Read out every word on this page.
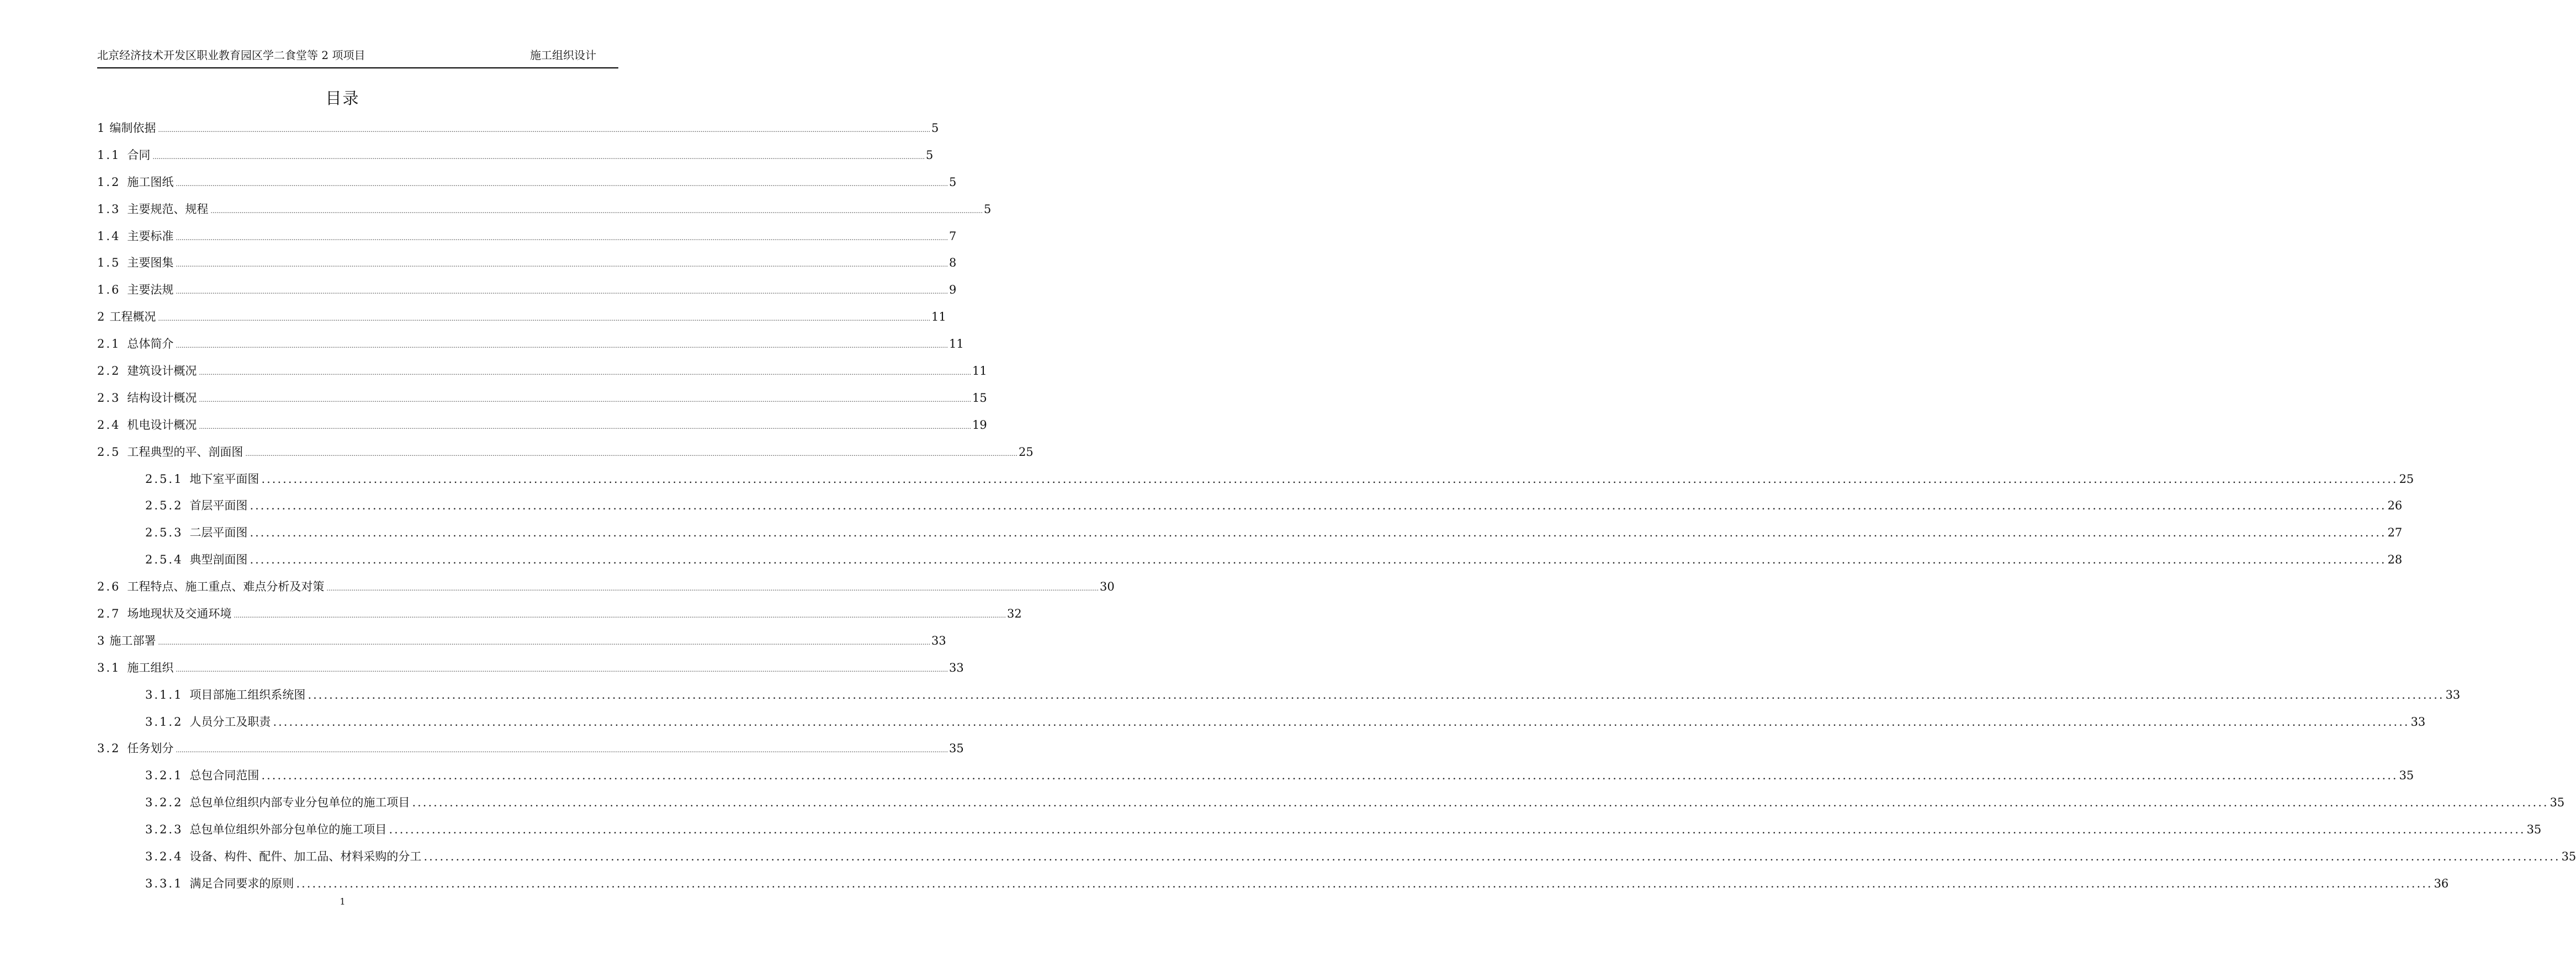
北京经济技术开发区职业教育园区学二食堂等 2 项项目	施工组织设计
目录
1 编制依据 ................................................................................................................................................................................................................................................................................................................................................................................................................ 5
1.1 合同 ................................................................................................................................................................................................................................................................................................................................................................................................................ 5
1.2 施工图纸 ................................................................................................................................................................................................................................................................................................................................................................................................................ 5
1.3 主要规范、规程 ................................................................................................................................................................................................................................................................................................................................................................................................................ 5
1.4 主要标准 ................................................................................................................................................................................................................................................................................................................................................................................................................ 7
1.5 主要图集 ................................................................................................................................................................................................................................................................................................................................................................................................................ 8
1.6 主要法规 ................................................................................................................................................................................................................................................................................................................................................................................................................ 9
2 工程概况 ................................................................................................................................................................................................................................................................................................................................................................................................................ 11
2.1 总体简介 ................................................................................................................................................................................................................................................................................................................................................................................................................ 11
2.2 建筑设计概况 ................................................................................................................................................................................................................................................................................................................................................................................................................ 11
2.3 结构设计概况 ................................................................................................................................................................................................................................................................................................................................................................................................................ 15
2.4 机电设计概况 ................................................................................................................................................................................................................................................................................................................................................................................................................ 19
2.5 工程典型的平、剖面图 ................................................................................................................................................................................................................................................................................................................................................................................................................ 25
2.5.1 地下室平面图 ................................................................................................................................................................................................................................................................................................................................................................................................................ 25
2.5.2 首层平面图 ................................................................................................................................................................................................................................................................................................................................................................................................................ 26
2.5.3 二层平面图 ................................................................................................................................................................................................................................................................................................................................................................................................................ 27
2.5.4 典型剖面图 ................................................................................................................................................................................................................................................................................................................................................................................................................ 28
2.6 工程特点、施工重点、难点分析及对策 ................................................................................................................................................................................................................................................................................................................................................................................................................ 30
2.7 场地现状及交通环境 ................................................................................................................................................................................................................................................................................................................................................................................................................ 32
3 施工部署 ................................................................................................................................................................................................................................................................................................................................................................................................................ 33
3.1 施工组织 ................................................................................................................................................................................................................................................................................................................................................................................................................ 33
3.1.1 项目部施工组织系统图 ................................................................................................................................................................................................................................................................................................................................................................................................................ 33
3.1.2 人员分工及职责 ................................................................................................................................................................................................................................................................................................................................................................................................................ 33
3.2 任务划分 ................................................................................................................................................................................................................................................................................................................................................................................................................ 35
3.2.1 总包合同范围 ................................................................................................................................................................................................................................................................................................................................................................................................................ 35
3.2.2 总包单位组织内部专业分包单位的施工项目 ................................................................................................................................................................................................................................................................................................................................................................................................................ 35
3.2.3 总包单位组织外部分包单位的施工项目 ................................................................................................................................................................................................................................................................................................................................................................................................................ 35
3.2.4 设备、构件、配件、加工品、材料采购的分工 ................................................................................................................................................................................................................................................................................................................................................................................................................ 35
3.3.1 满足合同要求的原则 ................................................................................................................................................................................................................................................................................................................................................................................................................ 36
1
